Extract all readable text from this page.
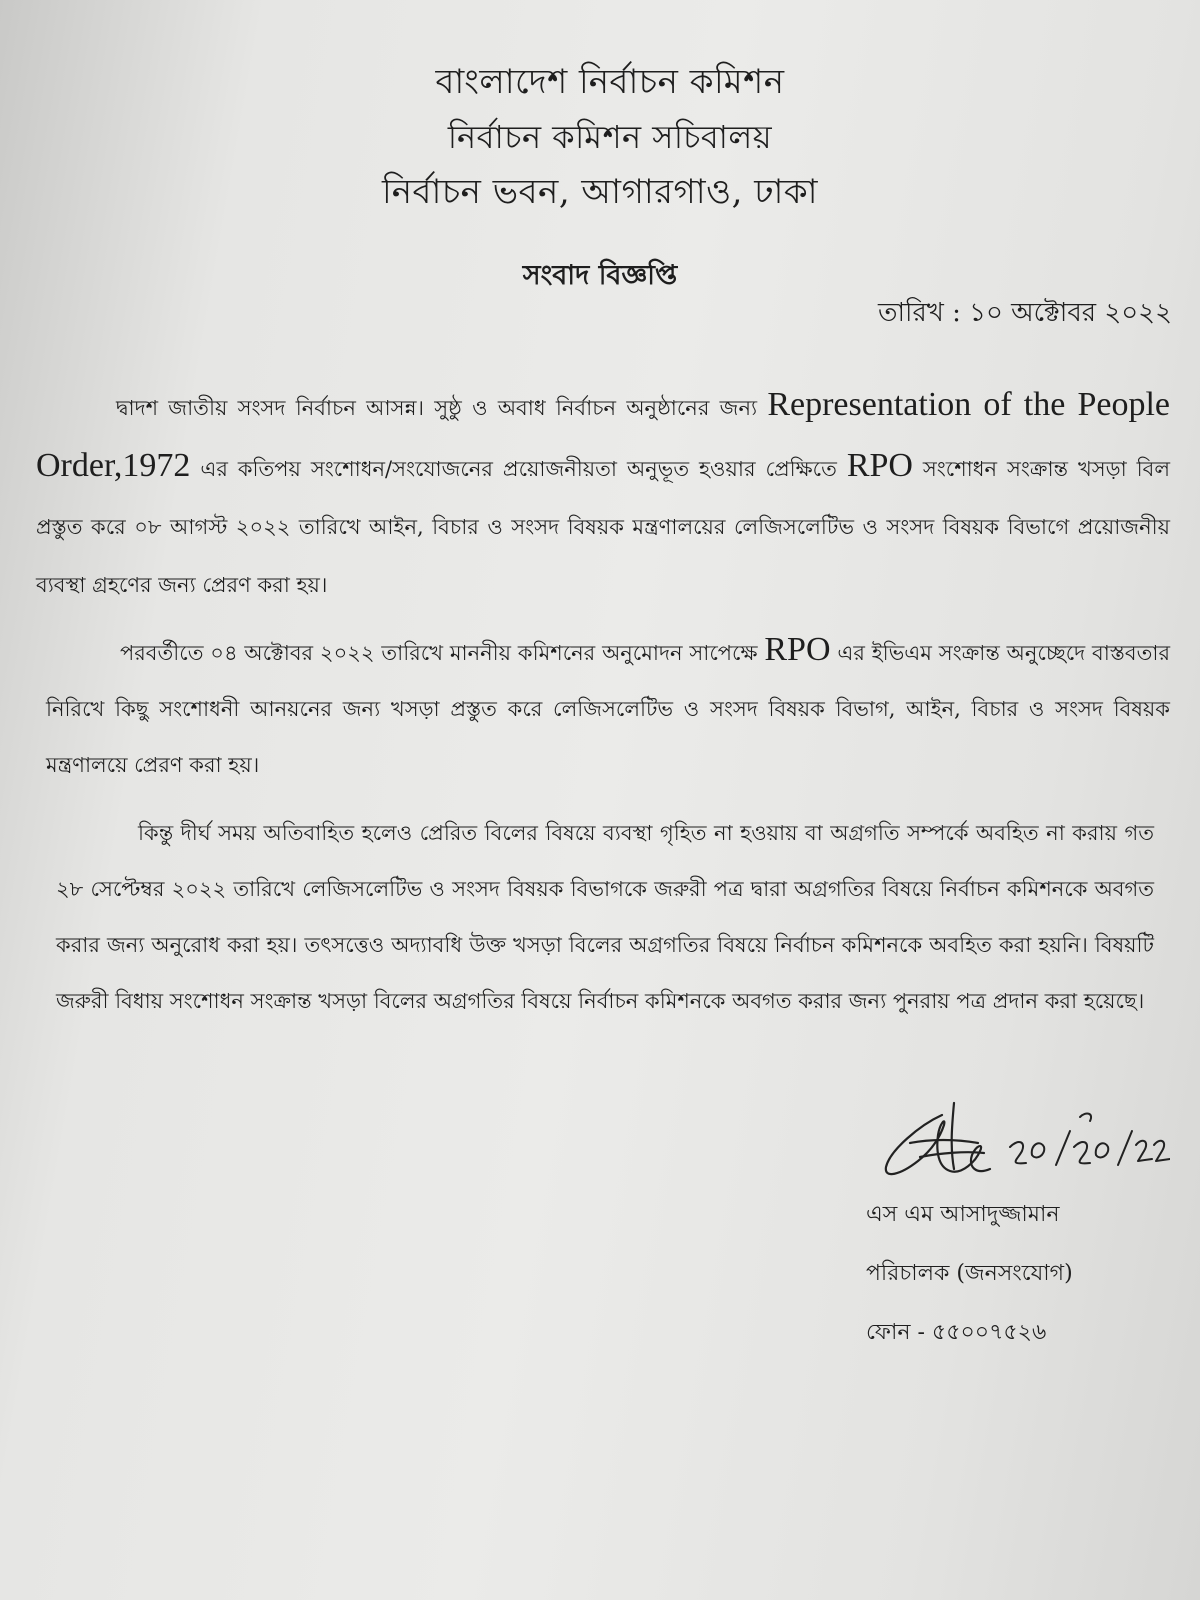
বাংলাদেশ নির্বাচন কমিশন
নির্বাচন কমিশন সচিবালয়
নির্বাচন ভবন, আগারগাও, ঢাকা
সংবাদ বিজ্ঞপ্তি
তারিখ : ১০ অক্টোবর ২০২২
দ্বাদশ জাতীয় সংসদ নির্বাচন আসন্ন। সুষ্ঠু ও অবাধ নির্বাচন অনুষ্ঠানের জন্য Representation of the People Order,1972 এর কতিপয় সংশোধন/সংযোজনের প্রয়োজনীয়তা অনুভূত হওয়ার প্রেক্ষিতে RPO সংশোধন সংক্রান্ত খসড়া বিল প্রস্তুত করে ০৮ আগস্ট ২০২২ তারিখে আইন, বিচার ও সংসদ বিষয়ক মন্ত্রণালয়ের লেজিসলেটিভ ও সংসদ বিষয়ক বিভাগে প্রয়োজনীয় ব্যবস্থা গ্রহণের জন্য প্রেরণ করা হয়।
পরবর্তীতে ০৪ অক্টোবর ২০২২ তারিখে মাননীয় কমিশনের অনুমোদন সাপেক্ষে RPO এর ইভিএম সংক্রান্ত অনুচ্ছেদে বাস্তবতার নিরিখে কিছু সংশোধনী আনয়নের জন্য খসড়া প্রস্তুত করে লেজিসলেটিভ ও সংসদ বিষয়ক বিভাগ, আইন, বিচার ও সংসদ বিষয়ক মন্ত্রণালয়ে প্রেরণ করা হয়।
কিন্তু দীর্ঘ সময় অতিবাহিত হলেও প্রেরিত বিলের বিষয়ে ব্যবস্থা গৃহিত না হওয়ায় বা অগ্রগতি সম্পর্কে অবহিত না করায় গত ২৮ সেপ্টেম্বর ২০২২ তারিখে লেজিসলেটিভ ও সংসদ বিষয়ক বিভাগকে জরুরী পত্র দ্বারা অগ্রগতির বিষয়ে নির্বাচন কমিশনকে অবগত করার জন্য অনুরোধ করা হয়। তৎসত্তেও অদ্যাবধি উক্ত খসড়া বিলের অগ্রগতির বিষয়ে নির্বাচন কমিশনকে অবহিত করা হয়নি। বিষয়টি জরুরী বিধায় সংশোধন সংক্রান্ত খসড়া বিলের অগ্রগতির বিষয়ে নির্বাচন কমিশনকে অবগত করার জন্য পুনরায় পত্র প্রদান করা হয়েছে।
এস এম আসাদুজ্জামান
পরিচালক (জনসংযোগ)
ফোন - ৫৫০০৭৫২৬
